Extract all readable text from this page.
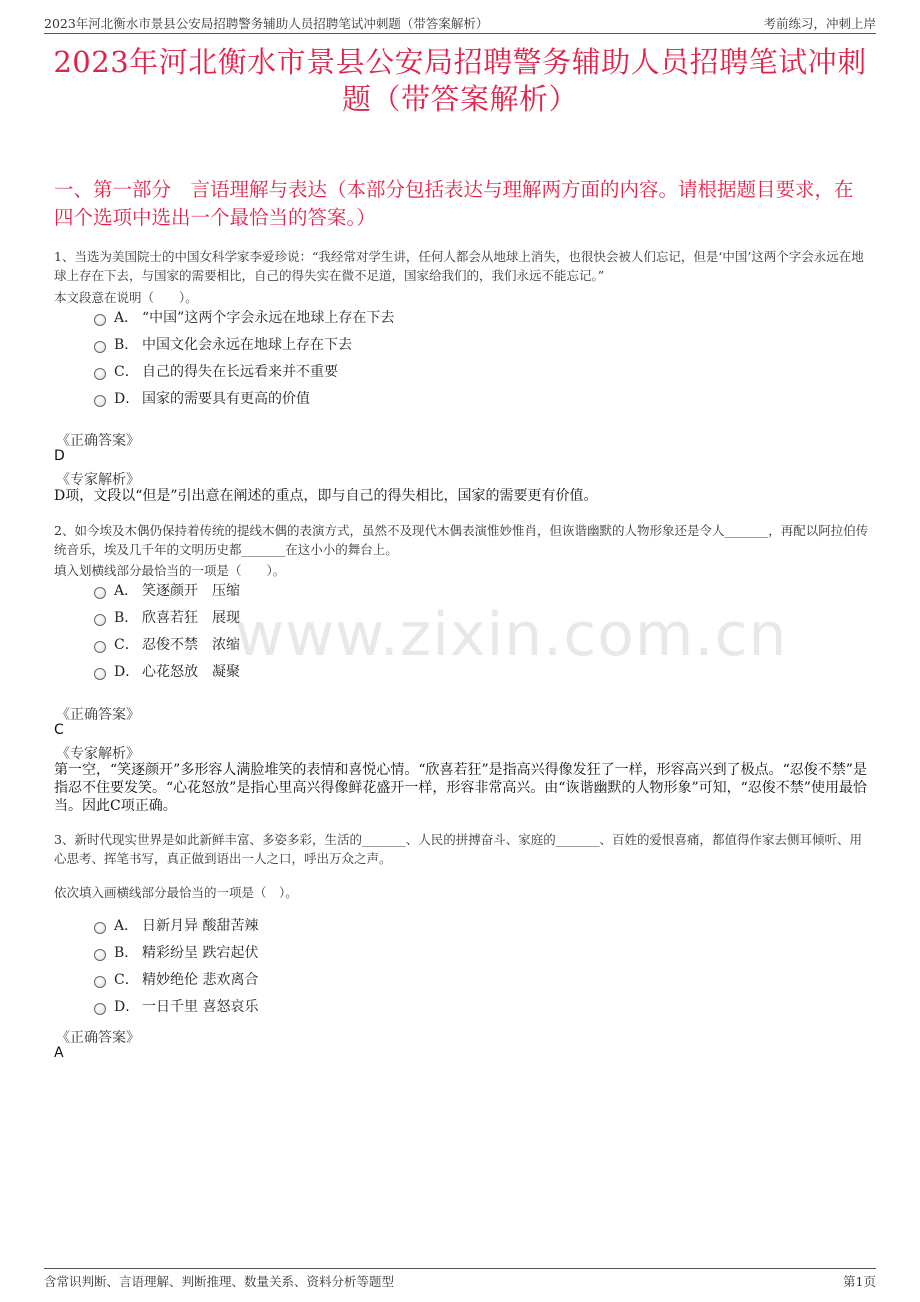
2023年河北衡水市景县公安局招聘警务辅助人员招聘笔试冲刺题（带答案解析）	考前练习，冲刺上岸
2023年河北衡水市景县公安局招聘警务辅助人员招聘笔试冲刺题（带答案解析）
一、第一部分　言语理解与表达（本部分包括表达与理解两方面的内容。请根据题目要求，在四个选项中选出一个最恰当的答案。）
www.zixin.com.cn
1、当选为美国院士的中国女科学家李爱珍说：“我经常对学生讲，任何人都会从地球上消失，也很快会被人们忘记，但是‘中国’这两个字会永远在地球上存在下去，与国家的需要相比，自己的得失实在微不足道，国家给我们的，我们永远不能忘记。”
本文段意在说明（　　）。
A． “中国”这两个字会永远在地球上存在下去
B． 中国文化会永远在地球上存在下去
C． 自己的得失在长远看来并不重要
D． 国家的需要具有更高的价值
《正确答案》
D
《专家解析》
D项，文段以“但是”引出意在阐述的重点，即与自己的得失相比，国家的需要更有价值。
2、如今埃及木偶仍保持着传统的提线木偶的表演方式，虽然不及现代木偶表演惟妙惟肖，但诙谐幽默的人物形象还是令人_______，再配以阿拉伯传统音乐，埃及几千年的文明历史都_______在这小小的舞台上。
填入划横线部分最恰当的一项是（　　）。
A． 笑逐颜开　压缩
B． 欣喜若狂　展现
C． 忍俊不禁　浓缩
D． 心花怒放　凝聚
《正确答案》
C
《专家解析》
第一空，“笑逐颜开”多形容人满脸堆笑的表情和喜悦心情。“欣喜若狂”是指高兴得像发狂了一样，形容高兴到了极点。“忍俊不禁”是指忍不住要发笑。“心花怒放”是指心里高兴得像鲜花盛开一样，形容非常高兴。由“诙谐幽默的人物形象”可知，“忍俊不禁”使用最恰当。因此C项正确。
3、新时代现实世界是如此新鲜丰富、多姿多彩，生活的_______、人民的拼搏奋斗、家庭的_______、百姓的爱恨喜痛，都值得作家去侧耳倾听、用心思考、挥笔书写，真正做到语出一人之口，呼出万众之声。
依次填入画横线部分最恰当的一项是（　）。
A． 日新月异 酸甜苦辣
B． 精彩纷呈 跌宕起伏
C． 精妙绝伦 悲欢离合
D． 一日千里 喜怒哀乐
《正确答案》
A
含常识判断、言语理解、判断推理、数量关系、资料分析等题型	第1页
